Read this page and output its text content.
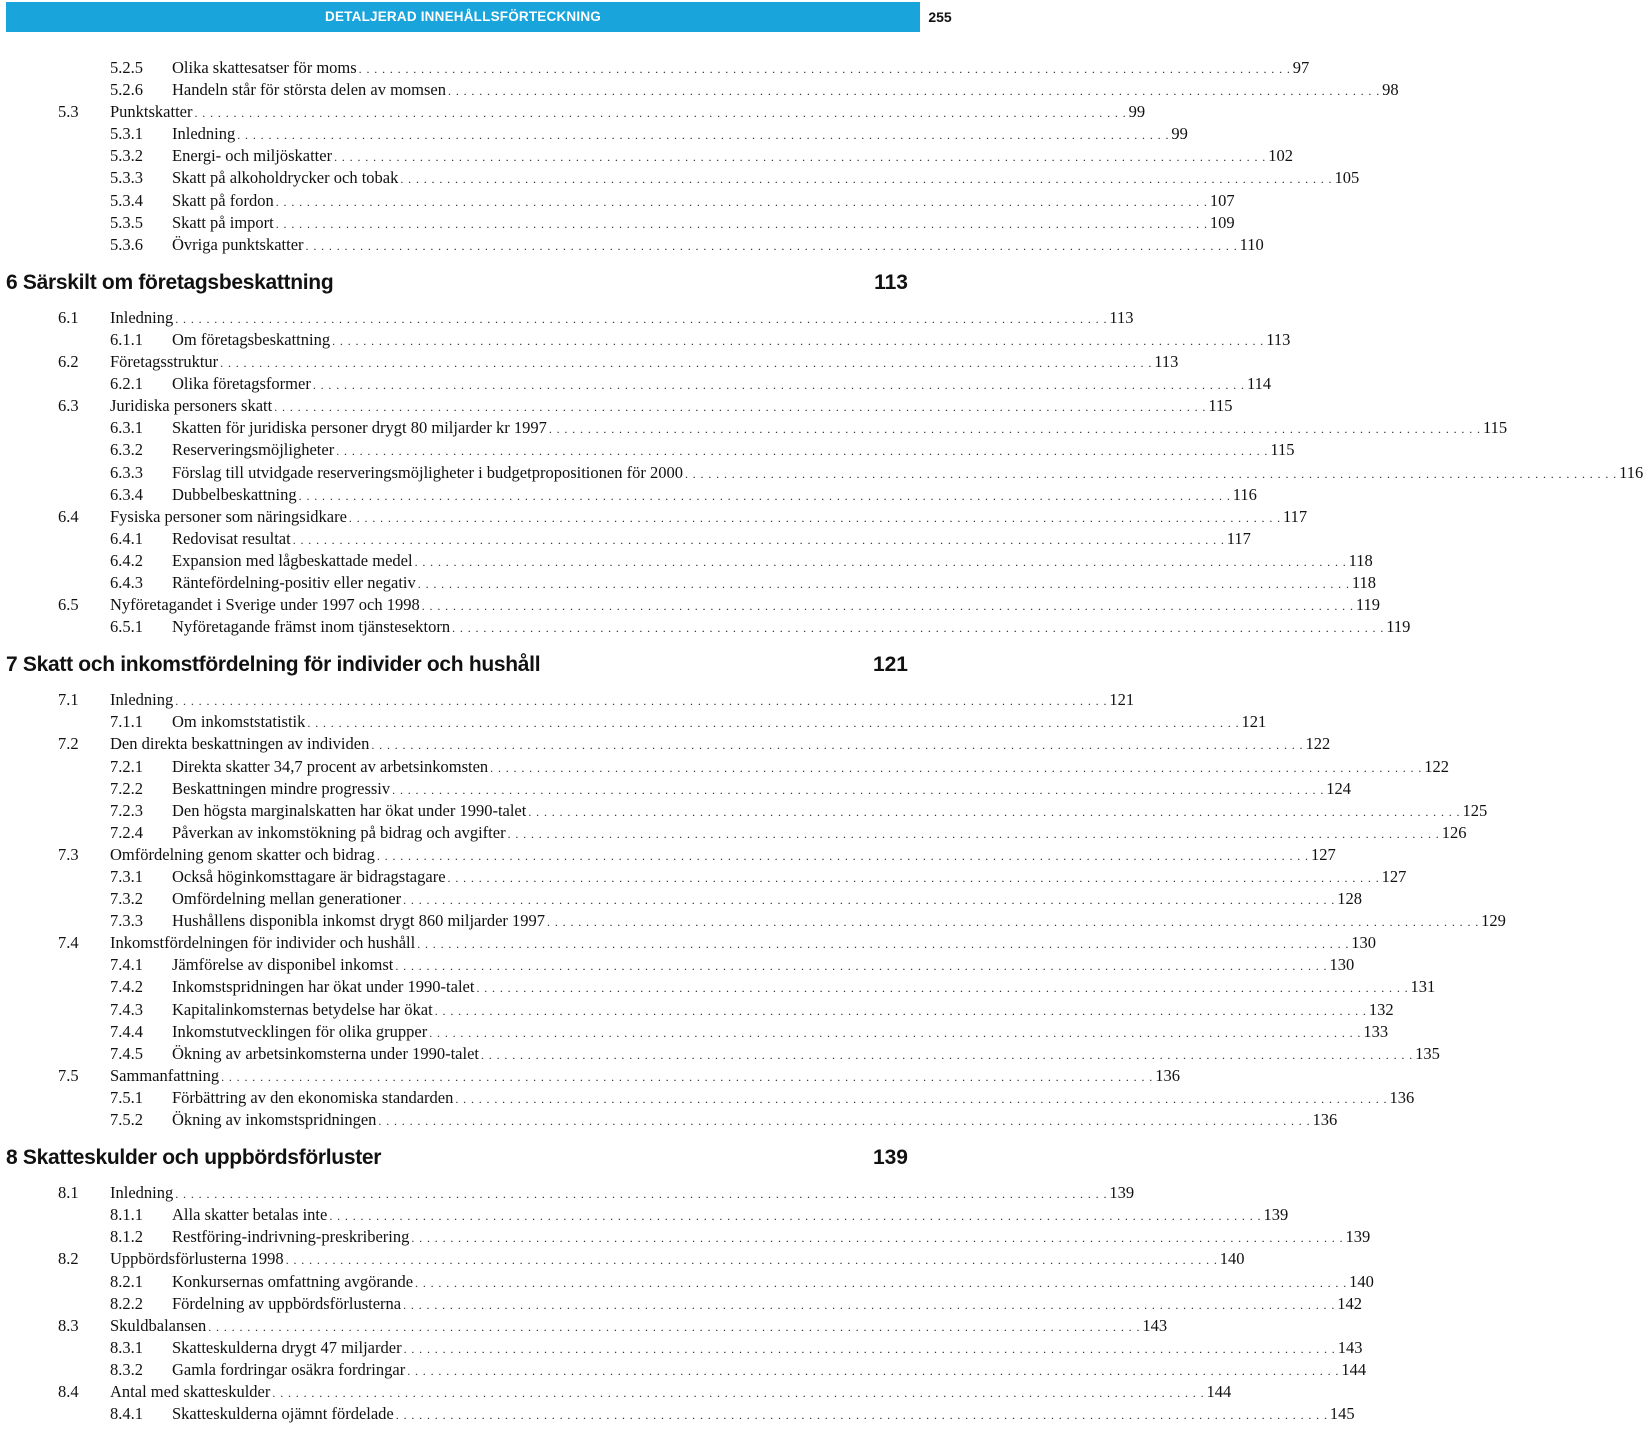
DETALJERAD INNEHÅLLSFÖRTECKNING	255
5.2.5 Olika skattesatser för moms . . . . . . . . . . . . . . . . . . . . . . . . . . . . . . . . . . . . . . . . . . . . . . . . . . . . . . . . . . . . . . . . . . . . . . . . . . . . . . . . . . . . . . . . . . . . . . . . . . . . . . . . . . . . . . . . . . . . . . . . 97
5.2.6 Handeln står för största delen av momsen . . . . . . . . . . . . . . . . . . . . . . . . . . . . . . . . . . . . . . . . . . . . . . . . . . . . . . . . . . . . . . . . . . . . . . . . . . . . . . . . . . . . . . . . . . . . . . . . . . . . . . . . . . . . . . . . . . . . . . . . 98
5.3 Punktskatter . . . . . . . . . . . . . . . . . . . . . . . . . . . . . . . . . . . . . . . . . . . . . . . . . . . . . . . . . . . . . . . . . . . . . . . . . . . . . . . . . . . . . . . . . . . . . . . . . . . . . . . . . . . . . . . . . . . . . . . . 99
5.3.1 Inledning . . . . . . . . . . . . . . . . . . . . . . . . . . . . . . . . . . . . . . . . . . . . . . . . . . . . . . . . . . . . . . . . . . . . . . . . . . . . . . . . . . . . . . . . . . . . . . . . . . . . . . . . . . . . . . . . . . . . . . . . 99
5.3.2 Energi- och miljöskatter . . . . . . . . . . . . . . . . . . . . . . . . . . . . . . . . . . . . . . . . . . . . . . . . . . . . . . . . . . . . . . . . . . . . . . . . . . . . . . . . . . . . . . . . . . . . . . . . . . . . . . . . . . . . . . . . . . . . . . . . 102
5.3.3 Skatt på alkoholdrycker och tobak . . . . . . . . . . . . . . . . . . . . . . . . . . . . . . . . . . . . . . . . . . . . . . . . . . . . . . . . . . . . . . . . . . . . . . . . . . . . . . . . . . . . . . . . . . . . . . . . . . . . . . . . . . . . . . . . . . . . . . . . 105
5.3.4 Skatt på fordon . . . . . . . . . . . . . . . . . . . . . . . . . . . . . . . . . . . . . . . . . . . . . . . . . . . . . . . . . . . . . . . . . . . . . . . . . . . . . . . . . . . . . . . . . . . . . . . . . . . . . . . . . . . . . . . . . . . . . . . . 107
5.3.5 Skatt på import . . . . . . . . . . . . . . . . . . . . . . . . . . . . . . . . . . . . . . . . . . . . . . . . . . . . . . . . . . . . . . . . . . . . . . . . . . . . . . . . . . . . . . . . . . . . . . . . . . . . . . . . . . . . . . . . . . . . . . . . 109
5.3.6 Övriga punktskatter . . . . . . . . . . . . . . . . . . . . . . . . . . . . . . . . . . . . . . . . . . . . . . . . . . . . . . . . . . . . . . . . . . . . . . . . . . . . . . . . . . . . . . . . . . . . . . . . . . . . . . . . . . . . . . . . . . . . . . . . 110
6 Särskilt om företagsbeskattning	113
6.1 Inledning . . . . . . . . . . . . . . . . . . . . . . . . . . . . . . . . . . . . . . . . . . . . . . . . . . . . . . . . . . . . . . . . . . . . . . . . . . . . . . . . . . . . . . . . . . . . . . . . . . . . . . . . . . . . . . . . . . . . . . . . 113
6.1.1 Om företagsbeskattning . . . . . . . . . . . . . . . . . . . . . . . . . . . . . . . . . . . . . . . . . . . . . . . . . . . . . . . . . . . . . . . . . . . . . . . . . . . . . . . . . . . . . . . . . . . . . . . . . . . . . . . . . . . . . . . . . . . . . . . . 113
6.2 Företagsstruktur . . . . . . . . . . . . . . . . . . . . . . . . . . . . . . . . . . . . . . . . . . . . . . . . . . . . . . . . . . . . . . . . . . . . . . . . . . . . . . . . . . . . . . . . . . . . . . . . . . . . . . . . . . . . . . . . . . . . . . . . 113
6.2.1 Olika företagsformer . . . . . . . . . . . . . . . . . . . . . . . . . . . . . . . . . . . . . . . . . . . . . . . . . . . . . . . . . . . . . . . . . . . . . . . . . . . . . . . . . . . . . . . . . . . . . . . . . . . . . . . . . . . . . . . . . . . . . . . . 114
6.3 Juridiska personers skatt . . . . . . . . . . . . . . . . . . . . . . . . . . . . . . . . . . . . . . . . . . . . . . . . . . . . . . . . . . . . . . . . . . . . . . . . . . . . . . . . . . . . . . . . . . . . . . . . . . . . . . . . . . . . . . . . . . . . . . . . 115
6.3.1 Skatten för juridiska personer drygt 80 miljarder kr 1997 . . . . . . . . . . . . . . . . . . . . . . . . . . . . . . . . . . . . . . . . . . . . . . . . . . . . . . . . . . . . . . . . . . . . . . . . . . . . . . . . . . . . . . . . . . . . . . . . . . . . . . . . . . . . . . . . . . . . . . . . 115
6.3.2 Reserveringsmöjligheter . . . . . . . . . . . . . . . . . . . . . . . . . . . . . . . . . . . . . . . . . . . . . . . . . . . . . . . . . . . . . . . . . . . . . . . . . . . . . . . . . . . . . . . . . . . . . . . . . . . . . . . . . . . . . . . . . . . . . . . . 115
6.3.3 Förslag till utvidgade reserveringsmöjligheter i budgetpropositionen för 2000 . . . . . . . . . . . . . . . . . . . . . . . . . . . . . . . . . . . . . . . . . . . . . . . . . . . . . . . . . . . . . . . . . . . . . . . . . . . . . . . . . . . . . . . . . . . . . . . . . . . . . . . . . . . . . . . . . . . . . . . . 116
6.3.4 Dubbelbeskattning . . . . . . . . . . . . . . . . . . . . . . . . . . . . . . . . . . . . . . . . . . . . . . . . . . . . . . . . . . . . . . . . . . . . . . . . . . . . . . . . . . . . . . . . . . . . . . . . . . . . . . . . . . . . . . . . . . . . . . . . 116
6.4 Fysiska personer som näringsidkare . . . . . . . . . . . . . . . . . . . . . . . . . . . . . . . . . . . . . . . . . . . . . . . . . . . . . . . . . . . . . . . . . . . . . . . . . . . . . . . . . . . . . . . . . . . . . . . . . . . . . . . . . . . . . . . . . . . . . . . . 117
6.4.1 Redovisat resultat . . . . . . . . . . . . . . . . . . . . . . . . . . . . . . . . . . . . . . . . . . . . . . . . . . . . . . . . . . . . . . . . . . . . . . . . . . . . . . . . . . . . . . . . . . . . . . . . . . . . . . . . . . . . . . . . . . . . . . . . 117
6.4.2 Expansion med lågbeskattade medel . . . . . . . . . . . . . . . . . . . . . . . . . . . . . . . . . . . . . . . . . . . . . . . . . . . . . . . . . . . . . . . . . . . . . . . . . . . . . . . . . . . . . . . . . . . . . . . . . . . . . . . . . . . . . . . . . . . . . . . . 118
6.4.3 Räntefördelning-positiv eller negativ . . . . . . . . . . . . . . . . . . . . . . . . . . . . . . . . . . . . . . . . . . . . . . . . . . . . . . . . . . . . . . . . . . . . . . . . . . . . . . . . . . . . . . . . . . . . . . . . . . . . . . . . . . . . . . . . . . . . . . . . 118
6.5 Nyföretagandet i Sverige under 1997 och 1998 . . . . . . . . . . . . . . . . . . . . . . . . . . . . . . . . . . . . . . . . . . . . . . . . . . . . . . . . . . . . . . . . . . . . . . . . . . . . . . . . . . . . . . . . . . . . . . . . . . . . . . . . . . . . . . . . . . . . . . . . 119
6.5.1 Nyföretagande främst inom tjänstesektorn . . . . . . . . . . . . . . . . . . . . . . . . . . . . . . . . . . . . . . . . . . . . . . . . . . . . . . . . . . . . . . . . . . . . . . . . . . . . . . . . . . . . . . . . . . . . . . . . . . . . . . . . . . . . . . . . . . . . . . . . 119
7 Skatt och inkomstfördelning för individer och hushåll	121
7.1 Inledning . . . . . . . . . . . . . . . . . . . . . . . . . . . . . . . . . . . . . . . . . . . . . . . . . . . . . . . . . . . . . . . . . . . . . . . . . . . . . . . . . . . . . . . . . . . . . . . . . . . . . . . . . . . . . . . . . . . . . . . . 121
7.1.1 Om inkomststatistik . . . . . . . . . . . . . . . . . . . . . . . . . . . . . . . . . . . . . . . . . . . . . . . . . . . . . . . . . . . . . . . . . . . . . . . . . . . . . . . . . . . . . . . . . . . . . . . . . . . . . . . . . . . . . . . . . . . . . . . . 121
7.2 Den direkta beskattningen av individen . . . . . . . . . . . . . . . . . . . . . . . . . . . . . . . . . . . . . . . . . . . . . . . . . . . . . . . . . . . . . . . . . . . . . . . . . . . . . . . . . . . . . . . . . . . . . . . . . . . . . . . . . . . . . . . . . . . . . . . . 122
7.2.1 Direkta skatter 34,7 procent av arbetsinkomsten . . . . . . . . . . . . . . . . . . . . . . . . . . . . . . . . . . . . . . . . . . . . . . . . . . . . . . . . . . . . . . . . . . . . . . . . . . . . . . . . . . . . . . . . . . . . . . . . . . . . . . . . . . . . . . . . . . . . . . . . 122
7.2.2 Beskattningen mindre progressiv . . . . . . . . . . . . . . . . . . . . . . . . . . . . . . . . . . . . . . . . . . . . . . . . . . . . . . . . . . . . . . . . . . . . . . . . . . . . . . . . . . . . . . . . . . . . . . . . . . . . . . . . . . . . . . . . . . . . . . . . 124
7.2.3 Den högsta marginalskatten har ökat under 1990-talet . . . . . . . . . . . . . . . . . . . . . . . . . . . . . . . . . . . . . . . . . . . . . . . . . . . . . . . . . . . . . . . . . . . . . . . . . . . . . . . . . . . . . . . . . . . . . . . . . . . . . . . . . . . . . . . . . . . . . . . . 125
7.2.4 Påverkan av inkomstökning på bidrag och avgifter . . . . . . . . . . . . . . . . . . . . . . . . . . . . . . . . . . . . . . . . . . . . . . . . . . . . . . . . . . . . . . . . . . . . . . . . . . . . . . . . . . . . . . . . . . . . . . . . . . . . . . . . . . . . . . . . . . . . . . . . 126
7.3 Omfördelning genom skatter och bidrag . . . . . . . . . . . . . . . . . . . . . . . . . . . . . . . . . . . . . . . . . . . . . . . . . . . . . . . . . . . . . . . . . . . . . . . . . . . . . . . . . . . . . . . . . . . . . . . . . . . . . . . . . . . . . . . . . . . . . . . . 127
7.3.1 Också höginkomsttagare är bidragstagare . . . . . . . . . . . . . . . . . . . . . . . . . . . . . . . . . . . . . . . . . . . . . . . . . . . . . . . . . . . . . . . . . . . . . . . . . . . . . . . . . . . . . . . . . . . . . . . . . . . . . . . . . . . . . . . . . . . . . . . . 127
7.3.2 Omfördelning mellan generationer . . . . . . . . . . . . . . . . . . . . . . . . . . . . . . . . . . . . . . . . . . . . . . . . . . . . . . . . . . . . . . . . . . . . . . . . . . . . . . . . . . . . . . . . . . . . . . . . . . . . . . . . . . . . . . . . . . . . . . . . 128
7.3.3 Hushållens disponibla inkomst drygt 860 miljarder 1997 . . . . . . . . . . . . . . . . . . . . . . . . . . . . . . . . . . . . . . . . . . . . . . . . . . . . . . . . . . . . . . . . . . . . . . . . . . . . . . . . . . . . . . . . . . . . . . . . . . . . . . . . . . . . . . . . . . . . . . . . 129
7.4 Inkomstfördelningen för individer och hushåll . . . . . . . . . . . . . . . . . . . . . . . . . . . . . . . . . . . . . . . . . . . . . . . . . . . . . . . . . . . . . . . . . . . . . . . . . . . . . . . . . . . . . . . . . . . . . . . . . . . . . . . . . . . . . . . . . . . . . . . . 130
7.4.1 Jämförelse av disponibel inkomst . . . . . . . . . . . . . . . . . . . . . . . . . . . . . . . . . . . . . . . . . . . . . . . . . . . . . . . . . . . . . . . . . . . . . . . . . . . . . . . . . . . . . . . . . . . . . . . . . . . . . . . . . . . . . . . . . . . . . . . . 130
7.4.2 Inkomstspridningen har ökat under 1990-talet . . . . . . . . . . . . . . . . . . . . . . . . . . . . . . . . . . . . . . . . . . . . . . . . . . . . . . . . . . . . . . . . . . . . . . . . . . . . . . . . . . . . . . . . . . . . . . . . . . . . . . . . . . . . . . . . . . . . . . . . 131
7.4.3 Kapitalinkomsternas betydelse har ökat . . . . . . . . . . . . . . . . . . . . . . . . . . . . . . . . . . . . . . . . . . . . . . . . . . . . . . . . . . . . . . . . . . . . . . . . . . . . . . . . . . . . . . . . . . . . . . . . . . . . . . . . . . . . . . . . . . . . . . . . 132
7.4.4 Inkomstutvecklingen för olika grupper . . . . . . . . . . . . . . . . . . . . . . . . . . . . . . . . . . . . . . . . . . . . . . . . . . . . . . . . . . . . . . . . . . . . . . . . . . . . . . . . . . . . . . . . . . . . . . . . . . . . . . . . . . . . . . . . . . . . . . . . 133
7.4.5 Ökning av arbetsinkomsterna under 1990-talet . . . . . . . . . . . . . . . . . . . . . . . . . . . . . . . . . . . . . . . . . . . . . . . . . . . . . . . . . . . . . . . . . . . . . . . . . . . . . . . . . . . . . . . . . . . . . . . . . . . . . . . . . . . . . . . . . . . . . . . . 135
7.5 Sammanfattning . . . . . . . . . . . . . . . . . . . . . . . . . . . . . . . . . . . . . . . . . . . . . . . . . . . . . . . . . . . . . . . . . . . . . . . . . . . . . . . . . . . . . . . . . . . . . . . . . . . . . . . . . . . . . . . . . . . . . . . . 136
7.5.1 Förbättring av den ekonomiska standarden . . . . . . . . . . . . . . . . . . . . . . . . . . . . . . . . . . . . . . . . . . . . . . . . . . . . . . . . . . . . . . . . . . . . . . . . . . . . . . . . . . . . . . . . . . . . . . . . . . . . . . . . . . . . . . . . . . . . . . . . 136
7.5.2 Ökning av inkomstspridningen . . . . . . . . . . . . . . . . . . . . . . . . . . . . . . . . . . . . . . . . . . . . . . . . . . . . . . . . . . . . . . . . . . . . . . . . . . . . . . . . . . . . . . . . . . . . . . . . . . . . . . . . . . . . . . . . . . . . . . . . 136
8 Skatteskulder och uppbördsförluster	139
8.1 Inledning . . . . . . . . . . . . . . . . . . . . . . . . . . . . . . . . . . . . . . . . . . . . . . . . . . . . . . . . . . . . . . . . . . . . . . . . . . . . . . . . . . . . . . . . . . . . . . . . . . . . . . . . . . . . . . . . . . . . . . . . 139
8.1.1 Alla skatter betalas inte . . . . . . . . . . . . . . . . . . . . . . . . . . . . . . . . . . . . . . . . . . . . . . . . . . . . . . . . . . . . . . . . . . . . . . . . . . . . . . . . . . . . . . . . . . . . . . . . . . . . . . . . . . . . . . . . . . . . . . . . 139
8.1.2 Restföring-indrivning-preskribering . . . . . . . . . . . . . . . . . . . . . . . . . . . . . . . . . . . . . . . . . . . . . . . . . . . . . . . . . . . . . . . . . . . . . . . . . . . . . . . . . . . . . . . . . . . . . . . . . . . . . . . . . . . . . . . . . . . . . . . . 139
8.2 Uppbördsförlusterna 1998 . . . . . . . . . . . . . . . . . . . . . . . . . . . . . . . . . . . . . . . . . . . . . . . . . . . . . . . . . . . . . . . . . . . . . . . . . . . . . . . . . . . . . . . . . . . . . . . . . . . . . . . . . . . . . . . . . . . . . . . . 140
8.2.1 Konkursernas omfattning avgörande . . . . . . . . . . . . . . . . . . . . . . . . . . . . . . . . . . . . . . . . . . . . . . . . . . . . . . . . . . . . . . . . . . . . . . . . . . . . . . . . . . . . . . . . . . . . . . . . . . . . . . . . . . . . . . . . . . . . . . . . 140
8.2.2 Fördelning av uppbördsförlusterna . . . . . . . . . . . . . . . . . . . . . . . . . . . . . . . . . . . . . . . . . . . . . . . . . . . . . . . . . . . . . . . . . . . . . . . . . . . . . . . . . . . . . . . . . . . . . . . . . . . . . . . . . . . . . . . . . . . . . . . . 142
8.3 Skuldbalansen . . . . . . . . . . . . . . . . . . . . . . . . . . . . . . . . . . . . . . . . . . . . . . . . . . . . . . . . . . . . . . . . . . . . . . . . . . . . . . . . . . . . . . . . . . . . . . . . . . . . . . . . . . . . . . . . . . . . . . . . 143
8.3.1 Skatteskulderna drygt 47 miljarder . . . . . . . . . . . . . . . . . . . . . . . . . . . . . . . . . . . . . . . . . . . . . . . . . . . . . . . . . . . . . . . . . . . . . . . . . . . . . . . . . . . . . . . . . . . . . . . . . . . . . . . . . . . . . . . . . . . . . . . . 143
8.3.2 Gamla fordringar osäkra fordringar . . . . . . . . . . . . . . . . . . . . . . . . . . . . . . . . . . . . . . . . . . . . . . . . . . . . . . . . . . . . . . . . . . . . . . . . . . . . . . . . . . . . . . . . . . . . . . . . . . . . . . . . . . . . . . . . . . . . . . . . 144
8.4 Antal med skatteskulder . . . . . . . . . . . . . . . . . . . . . . . . . . . . . . . . . . . . . . . . . . . . . . . . . . . . . . . . . . . . . . . . . . . . . . . . . . . . . . . . . . . . . . . . . . . . . . . . . . . . . . . . . . . . . . . . . . . . . . . . 144
8.4.1 Skatteskulderna ojämnt fördelade . . . . . . . . . . . . . . . . . . . . . . . . . . . . . . . . . . . . . . . . . . . . . . . . . . . . . . . . . . . . . . . . . . . . . . . . . . . . . . . . . . . . . . . . . . . . . . . . . . . . . . . . . . . . . . . . . . . . . . . . 145
